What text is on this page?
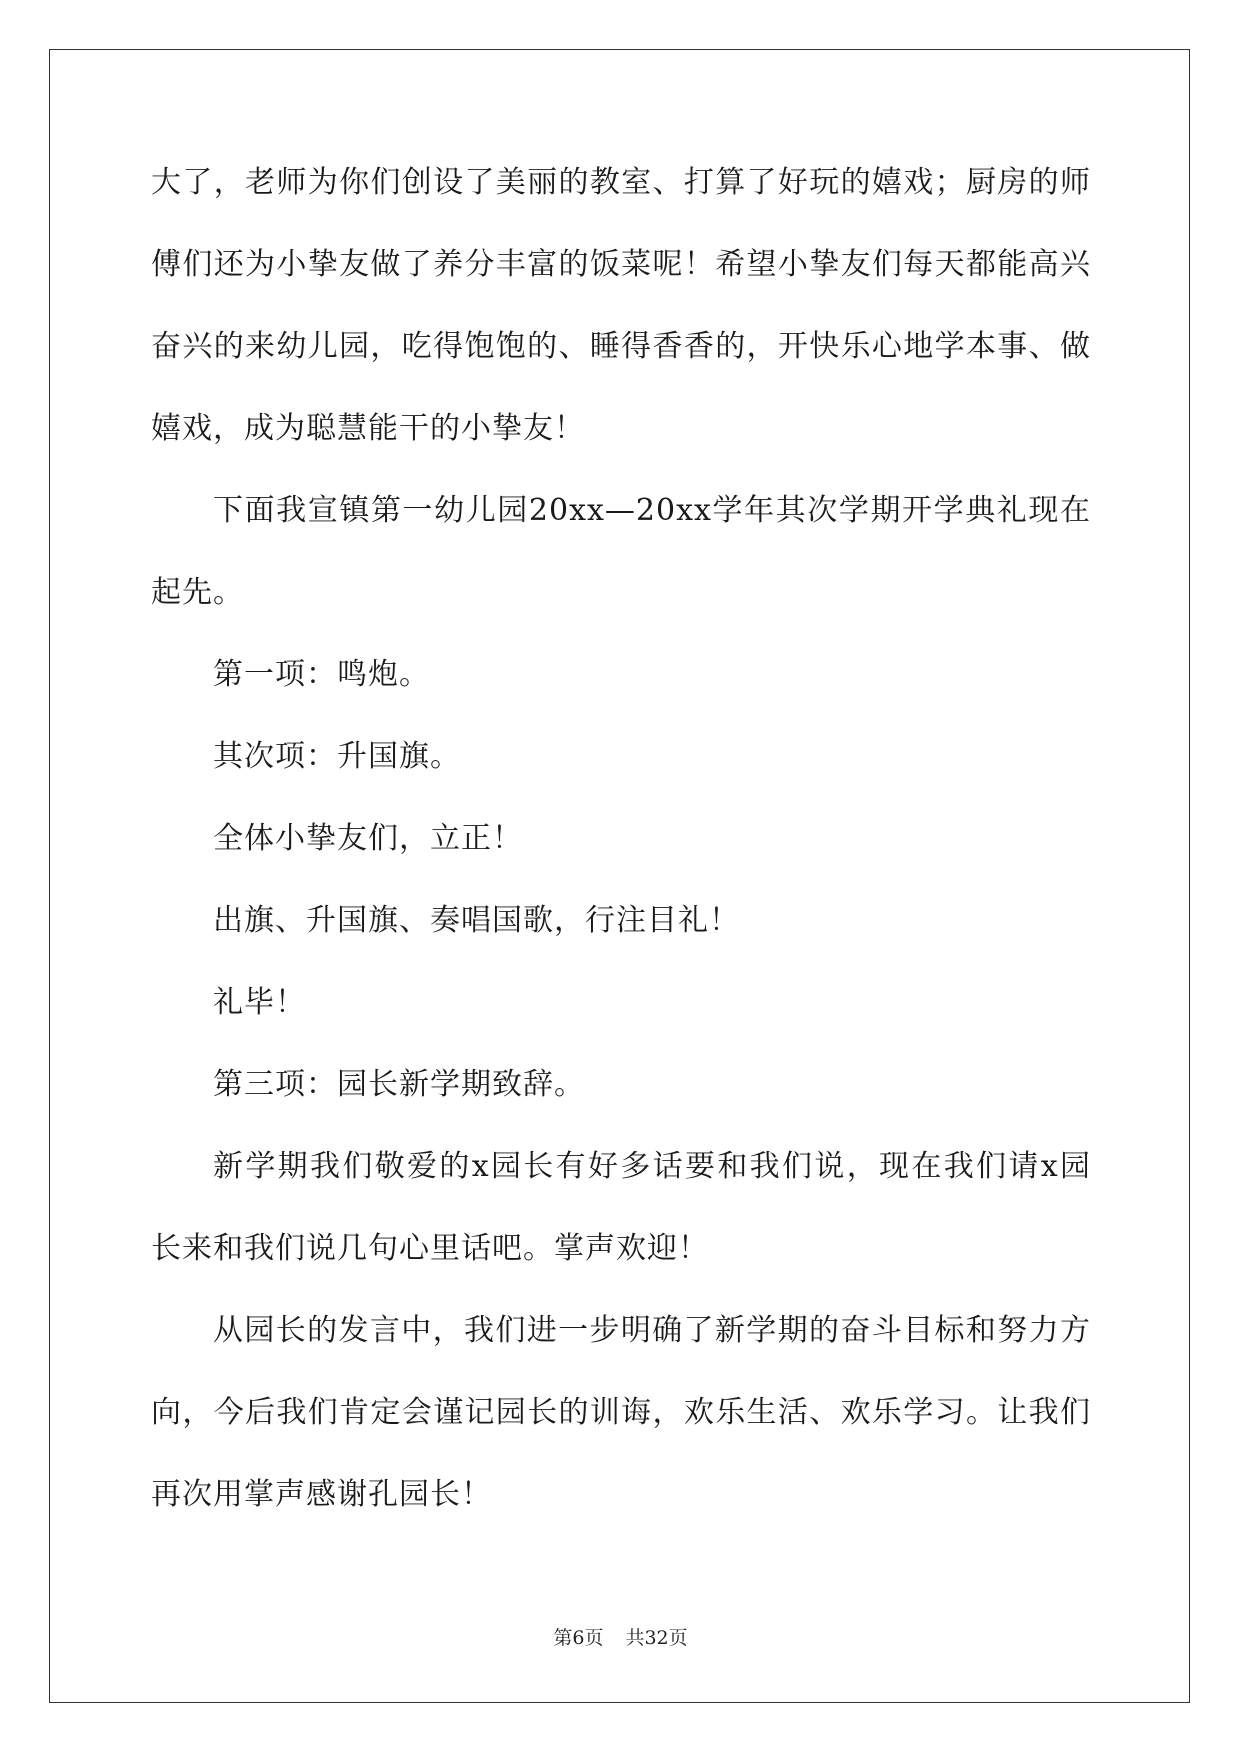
大了，老师为你们创设了美丽的教室、打算了好玩的嬉戏；厨房的师
傅们还为小挚友做了养分丰富的饭菜呢！希望小挚友们每天都能高兴
奋兴的来幼儿园，吃得饱饱的、睡得香香的，开快乐心地学本事、做
嬉戏，成为聪慧能干的小挚友！
下面我宣镇第一幼儿园20xx—20xx学年其次学期开学典礼现在
起先。
第一项：鸣炮。
其次项：升国旗。
全体小挚友们，立正！
出旗、升国旗、奏唱国歌，行注目礼！
礼毕！
第三项：园长新学期致辞。
新学期我们敬爱的x园长有好多话要和我们说，现在我们请x园
长来和我们说几句心里话吧。掌声欢迎！
从园长的发言中，我们进一步明确了新学期的奋斗目标和努力方
向，今后我们肯定会谨记园长的训诲，欢乐生活、欢乐学习。让我们
再次用掌声感谢孔园长！
第6页 共32页
